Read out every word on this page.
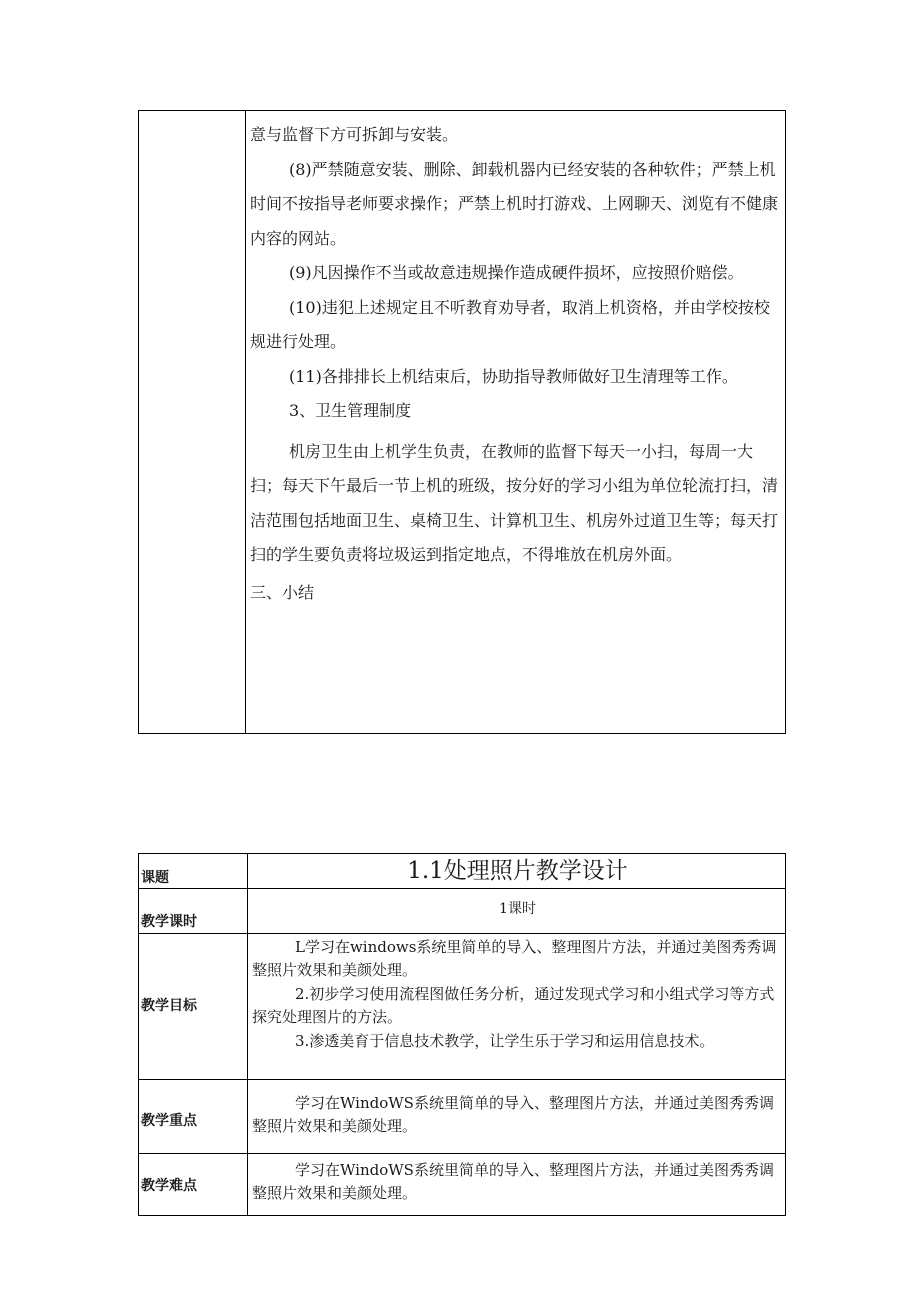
意与监督下方可拆卸与安装。

(8)严禁随意安装、删除、卸载机器内已经安装的各种软件；严禁上机时间不按指导老师要求操作；严禁上机时打游戏、上网聊天、浏览有不健康内容的网站。

(9)凡因操作不当或故意违规操作造成硬件损坏，应按照价赔偿。

(10)违犯上述规定且不听教育劝导者，取消上机资格，并由学校按校规进行处理。

(11)各排排长上机结束后，协助指导教师做好卫生清理等工作。

3、卫生管理制度

机房卫生由上机学生负责，在教师的监督下每天一小扫，每周一大扫；每天下午最后一节上机的班级，按分好的学习小组为单位轮流打扫，清洁范围包括地面卫生、桌椅卫生、计算机卫生、机房外过道卫生等；每天打扫的学生要负责将垃圾运到指定地点，不得堆放在机房外面。

三、小结

课题	1.1处理照片教学设计
教学课时	1课时
教学目标	L学习在windows系统里简单的导入、整理图片方法，并通过美图秀秀调整照片效果和美颜处理。

2.初步学习使用流程图做任务分析，通过发现式学习和小组式学习等方式探究处理图片的方法。

3.渗透美育于信息技术教学，让学生乐于学习和运用信息技术。

教学重点	学习在WindoWS系统里简单的导入、整理图片方法，并通过美图秀秀调整照片效果和美颜处理。

教学难点	学习在WindoWS系统里简单的导入、整理图片方法，并通过美图秀秀调整照片效果和美颜处理。
